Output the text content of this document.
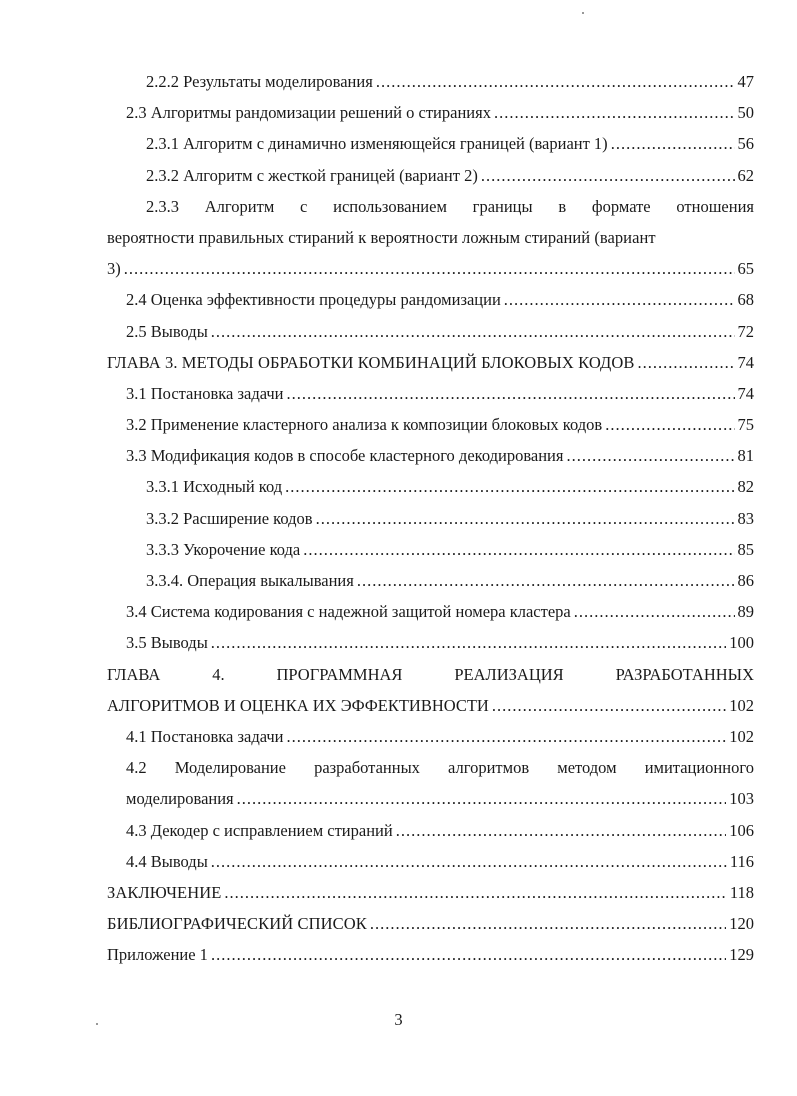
2.2.2 Результаты моделирования .....	47
2.3 Алгоритмы рандомизации решений о стираниях .....	50
2.3.1 Алгоритм с динамично изменяющейся границей (вариант 1) .....	56
2.3.2 Алгоритм с жесткой границей (вариант 2) .....	62
2.3.3 Алгоритм с использованием границы в формате отношения
вероятности правильных стираний к вероятности ложным стираний (вариант
3) .....	65
2.4 Оценка эффективности процедуры рандомизации .....	68
2.5 Выводы .....	72
ГЛАВА 3. МЕТОДЫ ОБРАБОТКИ КОМБИНАЦИЙ БЛОКОВЫХ КОДОВ .....	74
3.1 Постановка задачи .....	74
3.2 Применение кластерного анализа к композиции блоковых кодов .....	75
3.3 Модификация кодов в способе кластерного декодирования .....	81
3.3.1 Исходный код .....	82
3.3.2 Расширение кодов .....	83
3.3.3 Укорочение кода .....	85
3.3.4. Операция выкалывания .....	86
3.4 Система кодирования с надежной защитой номера кластера .....	89
3.5 Выводы .....	100
ГЛАВА	4.	ПРОГРАММНАЯ	РЕАЛИЗАЦИЯ	РАЗРАБОТАННЫХ
АЛГОРИТМОВ И ОЦЕНКА ИХ ЭФФЕКТИВНОСТИ .....	102
4.1 Постановка задачи .....	102
4.2 Моделирование разработанных алгоритмов методом имитационного
моделирования .....	103
4.3 Декодер с исправлением стираний .....	106
4.4 Выводы .....	116
ЗАКЛЮЧЕНИЕ .....	118
БИБЛИОГРАФИЧЕСКИЙ СПИСОК .....	120
Приложение 1 .....	129
3
